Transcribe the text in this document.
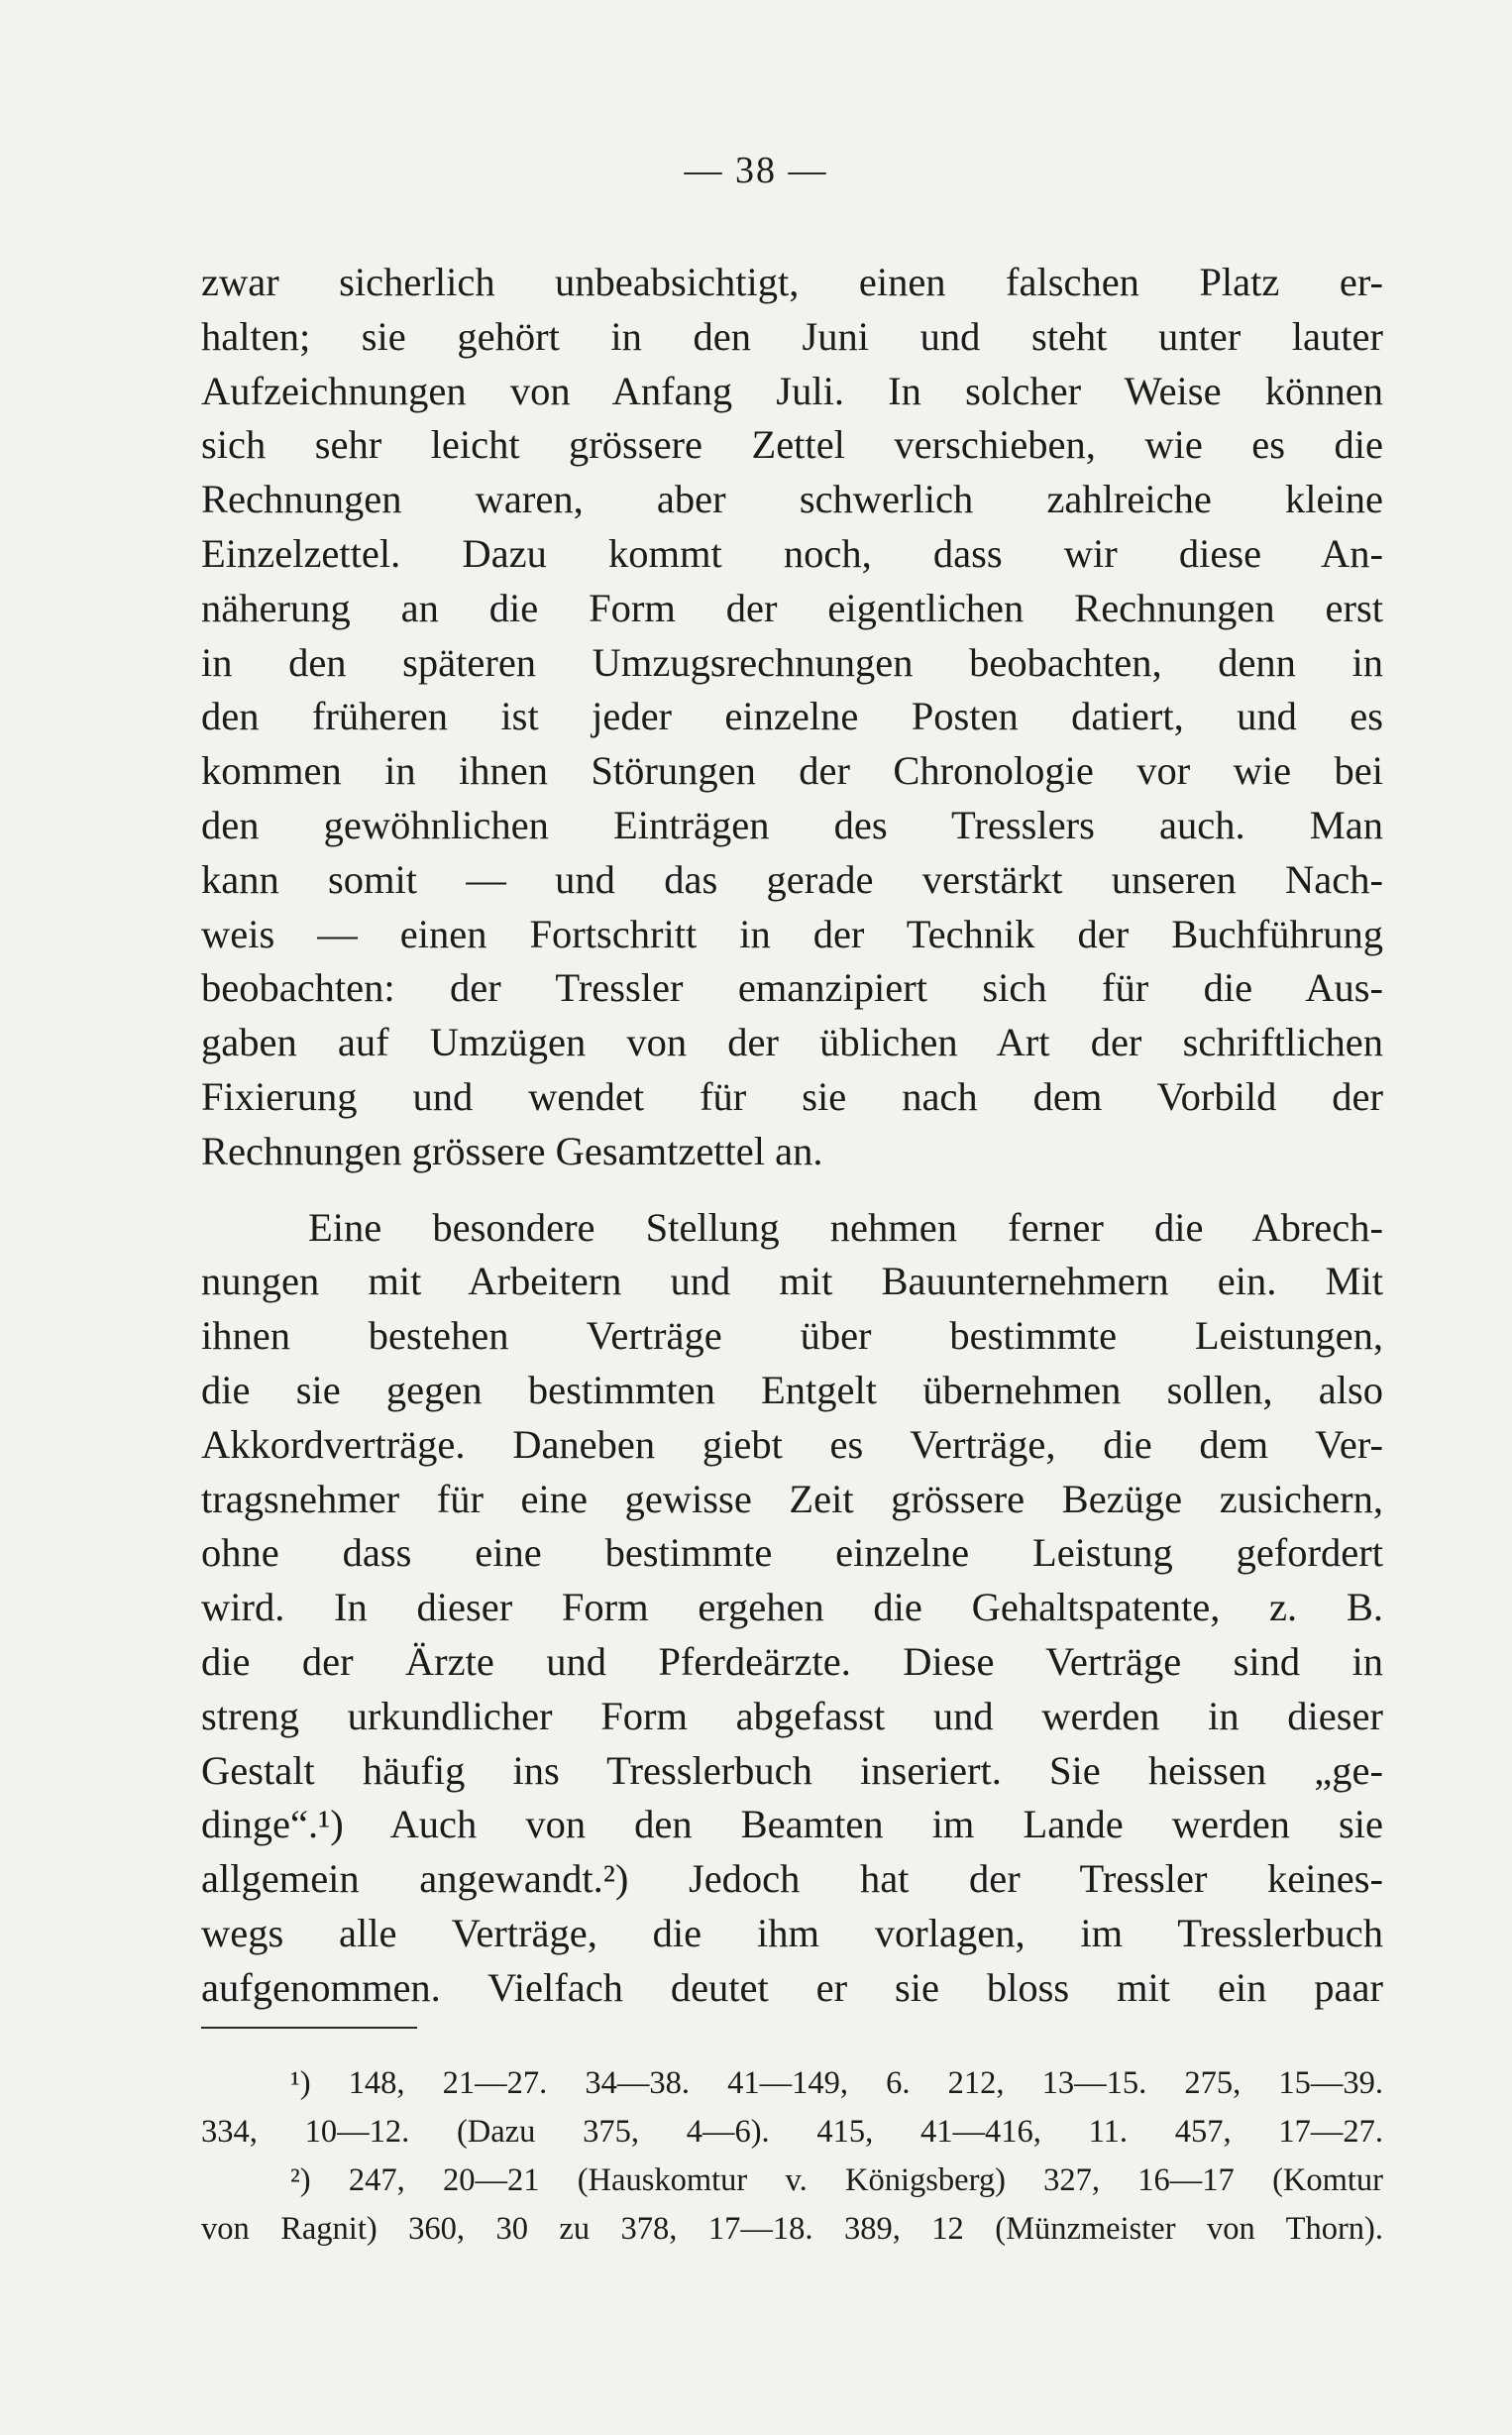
— 38 —
zwar sicherlich unbeabsichtigt, einen falschen Platz er-
halten; sie gehört in den Juni und steht unter lauter
Aufzeichnungen von Anfang Juli. In solcher Weise können
sich sehr leicht grössere Zettel verschieben, wie es die
Rechnungen waren, aber schwerlich zahlreiche kleine
Einzelzettel. Dazu kommt noch, dass wir diese An-
näherung an die Form der eigentlichen Rechnungen erst
in den späteren Umzugsrechnungen beobachten, denn in
den früheren ist jeder einzelne Posten datiert, und es
kommen in ihnen Störungen der Chronologie vor wie bei
den gewöhnlichen Einträgen des Tresslers auch. Man
kann somit — und das gerade verstärkt unseren Nach-
weis — einen Fortschritt in der Technik der Buchführung
beobachten: der Tressler emanzipiert sich für die Aus-
gaben auf Umzügen von der üblichen Art der schriftlichen
Fixierung und wendet für sie nach dem Vorbild der
Rechnungen grössere Gesamtzettel an.
Eine besondere Stellung nehmen ferner die Abrech-
nungen mit Arbeitern und mit Bauunternehmern ein. Mit
ihnen bestehen Verträge über bestimmte Leistungen,
die sie gegen bestimmten Entgelt übernehmen sollen, also
Akkordverträge. Daneben giebt es Verträge, die dem Ver-
tragsnehmer für eine gewisse Zeit grössere Bezüge zusichern,
ohne dass eine bestimmte einzelne Leistung gefordert
wird. In dieser Form ergehen die Gehaltspatente, z. B.
die der Ärzte und Pferdeärzte. Diese Verträge sind in
streng urkundlicher Form abgefasst und werden in dieser
Gestalt häufig ins Tresslerbuch inseriert. Sie heissen „ge-
dinge“.¹) Auch von den Beamten im Lande werden sie
allgemein angewandt.²) Jedoch hat der Tressler keines-
wegs alle Verträge, die ihm vorlagen, im Tresslerbuch
aufgenommen. Vielfach deutet er sie bloss mit ein paar
¹) 148, 21—27. 34—38. 41—149, 6. 212, 13—15. 275, 15—39.
334, 10—12. (Dazu 375, 4—6). 415, 41—416, 11. 457, 17—27.
²) 247, 20—21 (Hauskomtur v. Königsberg) 327, 16—17 (Komtur
von Ragnit) 360, 30 zu 378, 17—18. 389, 12 (Münzmeister von Thorn).
